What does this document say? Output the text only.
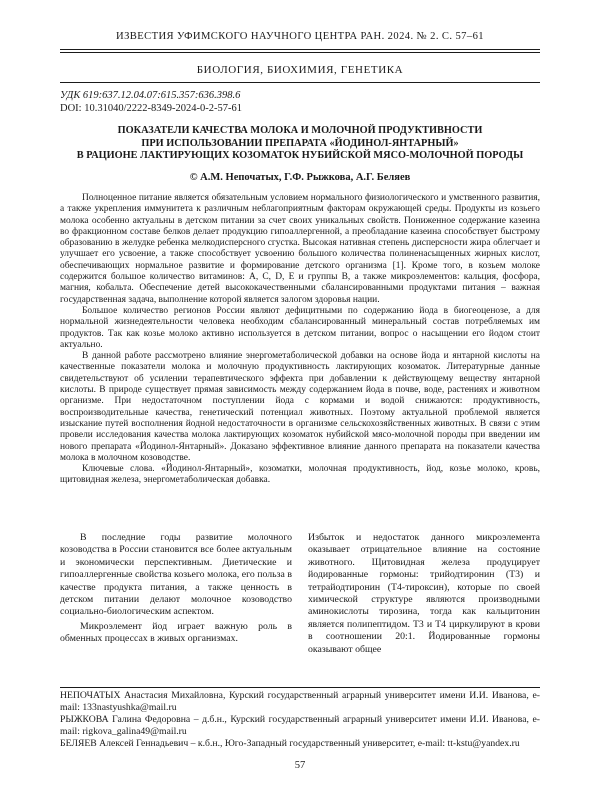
ИЗВЕСТИЯ УФИМСКОГО НАУЧНОГО ЦЕНТРА РАН. 2024. № 2. С. 57–61
БИОЛОГИЯ, БИОХИМИЯ, ГЕНЕТИКА
УДК 619:637.12.04.07:615.357:636.398.6
DOI: 10.31040/2222-8349-2024-0-2-57-61
ПОКАЗАТЕЛИ КАЧЕСТВА МОЛОКА И МОЛОЧНОЙ ПРОДУКТИВНОСТИ
ПРИ ИСПОЛЬЗОВАНИИ ПРЕПАРАТА «ЙОДИНОЛ-ЯНТАРНЫЙ»
В РАЦИОНЕ ЛАКТИРУЮЩИХ КОЗОМАТОК НУБИЙСКОЙ МЯСО-МОЛОЧНОЙ ПОРОДЫ
© А.М. Непочатых, Г.Ф. Рыжкова, А.Г. Беляев

Полноценное питание является обязательным условием нормального физиологического и умственного развития, а также укрепления иммунитета к различным неблагоприятным факторам окружающей среды. Продукты из козьего молока особенно актуальны в детском питании за счет своих уникальных свойств. Пониженное содержание казеина во фракционном составе белков делает продукцию гипоаллергенной, а преобладание казеина способствует быстрому образованию в желудке ребенка мелкодисперсного сгустка. Высокая нативная степень дисперсности жира облегчает и улучшает его усвоение, а также способствует усвоению большого количества полиненасыщенных жирных кислот, обеспечивающих нормальное развитие и формирование детского организма [1]. Кроме того, в козьем молоке содержится большое количество витаминов: А, С, D, Е и группы В, а также микроэлементов: кальция, фосфора, магния, кобальта. Обеспечение детей высококачественными сбалансированными продуктами питания – важная государственная задача, выполнение которой является залогом здоровья нации.

Большое количество регионов России являют дефицитными по содержанию йода в биогеоценозе, а для нормальной жизнедеятельности человека необходим сбалансированный минеральный состав потребляемых им продуктов. Так как козье молоко активно используется в детском питании, вопрос о насыщении его йодом стоит актуально.

В данной работе рассмотрено влияние энергометаболической добавки на основе йода и янтарной кислоты на качественные показатели молока и молочную продуктивность лактирующих козоматок. Литературные данные свидетельствуют об усилении терапевтического эффекта при добавлении к действующему веществу янтарной кислоты. В природе существует прямая зависимость между содержанием йода в почве, воде, растениях и животном организме. При недостаточном поступлении йода с кормами и водой снижаются: продуктивность, воспроизводительные качества, генетический потенциал животных. Поэтому актуальной проблемой является изыскание путей восполнения йодной недостаточности в организме сельскохозяйственных животных. В связи с этим провели исследования качества молока лактирующих козоматок нубийской мясо-молочной породы при введении им нового препарата «Йодинол-Янтарный». Доказано эффективное влияние данного препарата на показатели качества молока в молочном козоводстве.

Ключевые слова. «Йодинол-Янтарный», козоматки, молочная продуктивность, йод, козье молоко, кровь, щитовидная железа, энергометаболическая добавка.

В последние годы развитие молочного козоводства в России становится все более актуальным и экономически перспективным. Диетические и гипоаллергенные свойства козьего молока, его польза в качестве продукта питания, а также ценность в детском питании делают молочное козоводство социально-биологическим аспектом.

Микроэлемент йод играет важную роль в обменных процессах в живых организмах.

Избыток и недостаток данного микроэлемента оказывает отрицательное влияние на состояние животного. Щитовидная железа продуцирует йодированные гормоны: трийодтиронин (Т3) и тетрайодтиронин (Т4-тироксин), которые по своей химической структуре являются производными аминокислоты тирозина, тогда как кальцитонин является полипептидом. Т3 и Т4 циркулируют в крови в соотношении 20:1. Йодированные гормоны оказывают общее

НЕПОЧАТЫХ Анастасия Михайловна, Курский государственный аграрный университет имени И.И. Иванова, e-mail: 133nastyushka@mail.ru
РЫЖКОВА Галина Федоровна – д.б.н., Курский государственный аграрный университет имени И.И. Иванова, e-mail: rigkova_galina49@mail.ru
БЕЛЯЕВ Алексей Геннадьевич – к.б.н., Юго-Западный государственный университет, e-mail: tt-kstu@yandex.ru
57
